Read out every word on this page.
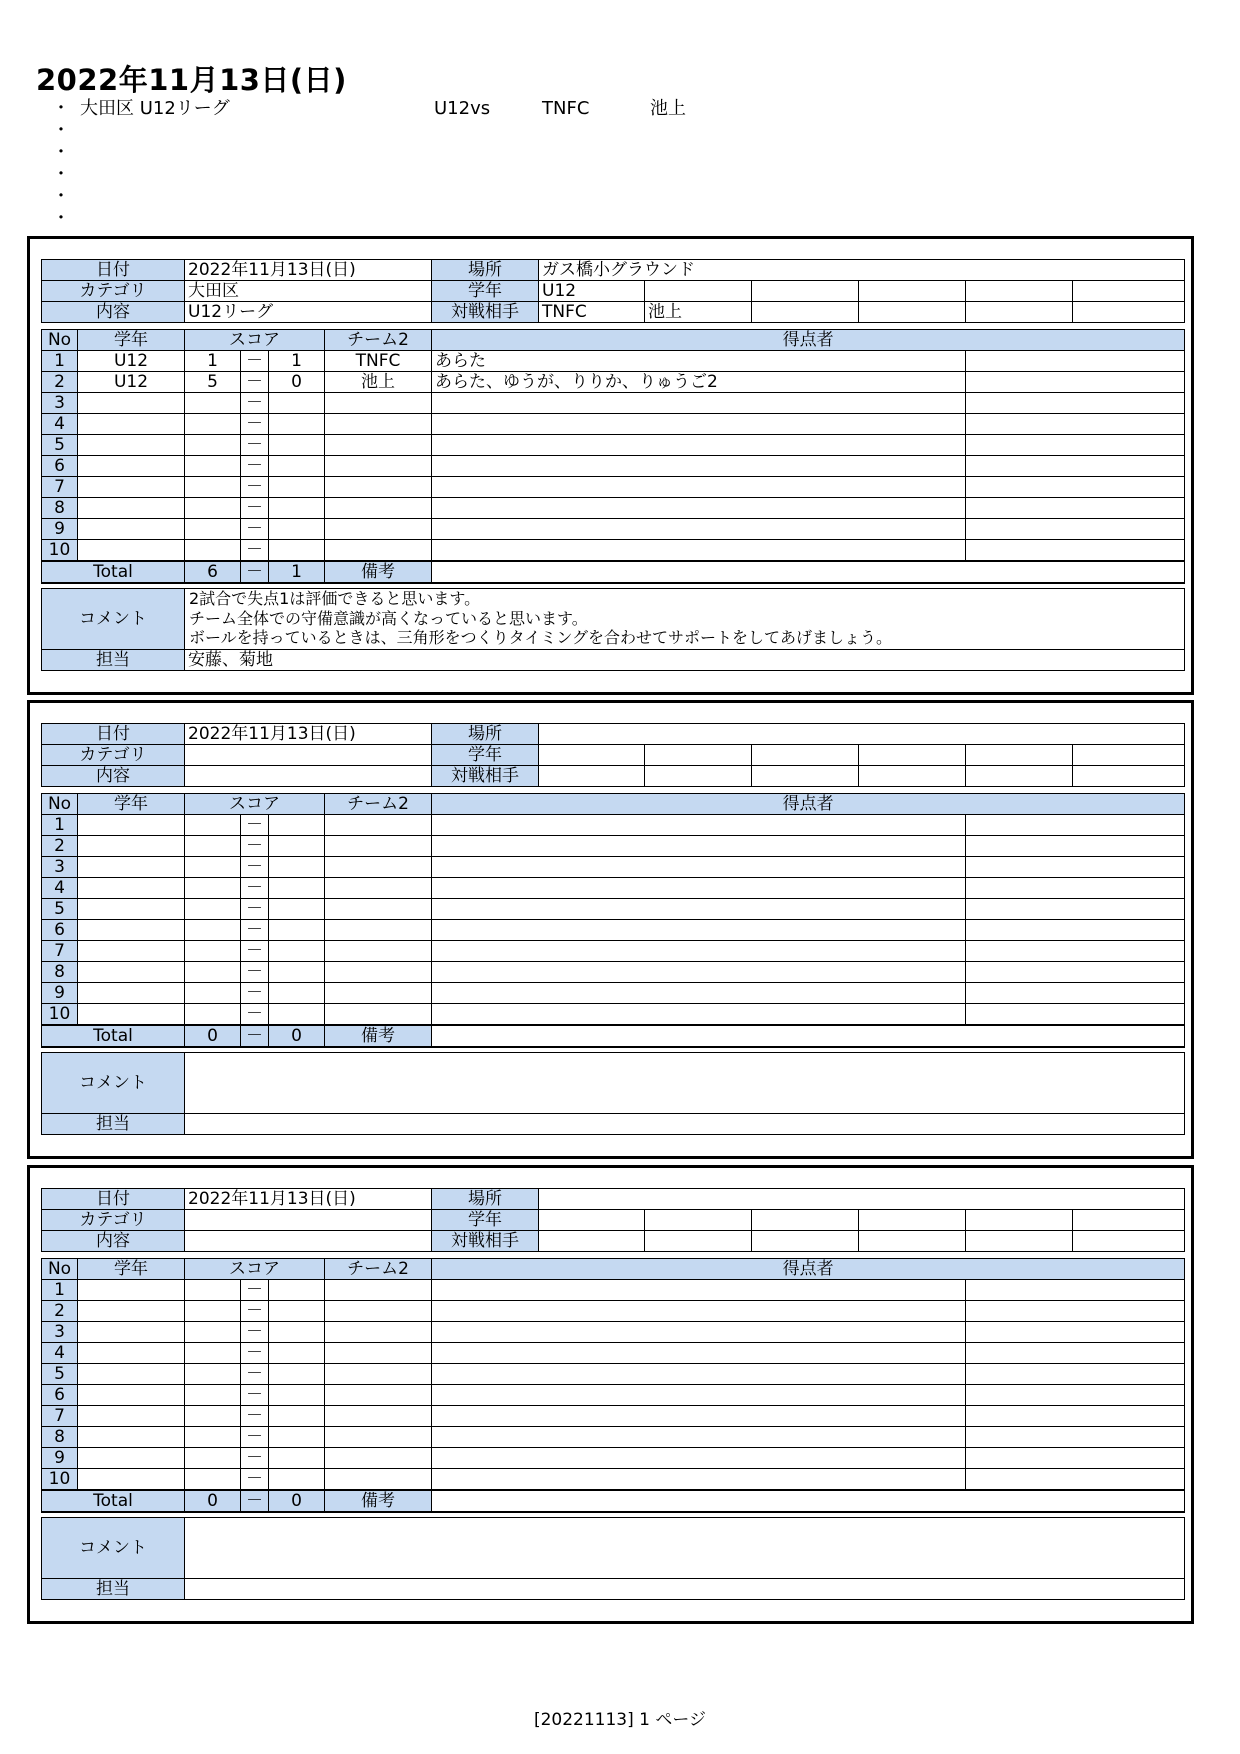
2022年11月13日(日)
・ 大田区 U12リーグ	U12vs	TNFC	池上
・
・
・
・
・
日付		2022年11月13日(日)				場所	ガス橋小グラウンド					
カテゴリ		大田区				学年	U12					
内容		U12リーグ				対戦相手	TNFC	池上				

No	学年	スコア			チーム2	得点者						
1	U12	1	－	1	TNFC	あらた						
2	U12	5	－	0	池上	あらた、ゆうが、りりか、りゅうご2						
3			－									
4			－									
5			－									
6			－									
7			－									
8			－									
9			－									
10			－									
Total		6	－	1	備考							

コメント		2試合で失点1は評価できると思います。
チーム全体での守備意識が高くなっていると思います。
ボールを持っているときは、三角形をつくりタイミングを合わせてサポートをしてあげましょう。										

担当		安藤、菊地										
日付		2022年11月13日(日)				場所						
カテゴリ						学年						
内容						対戦相手						

No	学年	スコア			チーム2	得点者						
1			－									
2			－									
3			－									
4			－									
5			－									
6			－									
7			－									
8			－									
9			－									
10			－									
Total		0	－	0	備考							

コメント												
担当												
日付		2022年11月13日(日)				場所						
カテゴリ						学年						
内容						対戦相手						

No	学年	スコア			チーム2	得点者						
1			－									
2			－									
3			－									
4			－									
5			－									
6			－									
7			－									
8			－									
9			－									
10			－									
Total		0	－	0	備考							

コメント												
担当												
[20221113] 1 ページ
